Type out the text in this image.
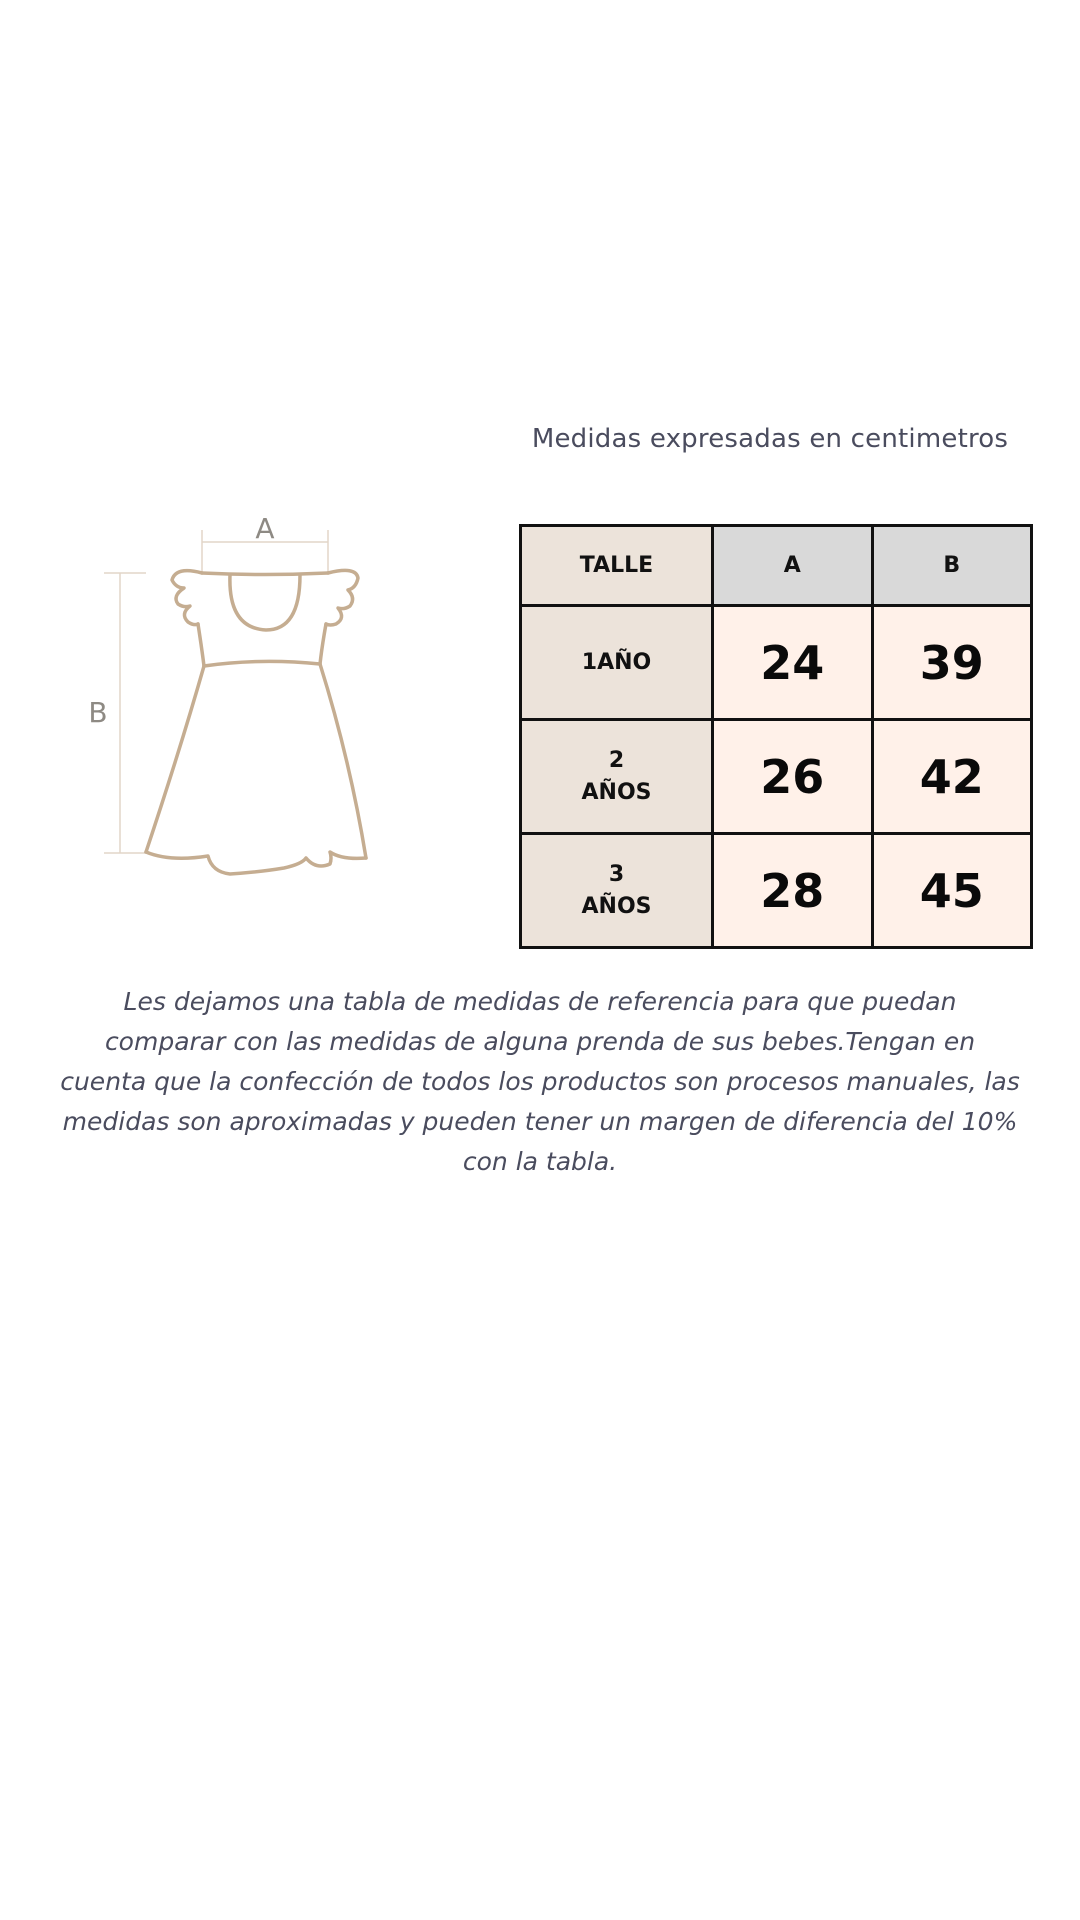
Medidas expresadas en centimetros
A
B
TALLE	A	B

1AÑO	24	39

2
AÑOS	26	42

3
AÑOS	28	45
Les dejamos una tabla de medidas de referencia para que puedan comparar con las medidas de alguna prenda de sus bebes.Tengan en cuenta que la confección de todos los productos son procesos manuales, las medidas son aproximadas y pueden tener un margen de diferencia del 10% con la tabla.
